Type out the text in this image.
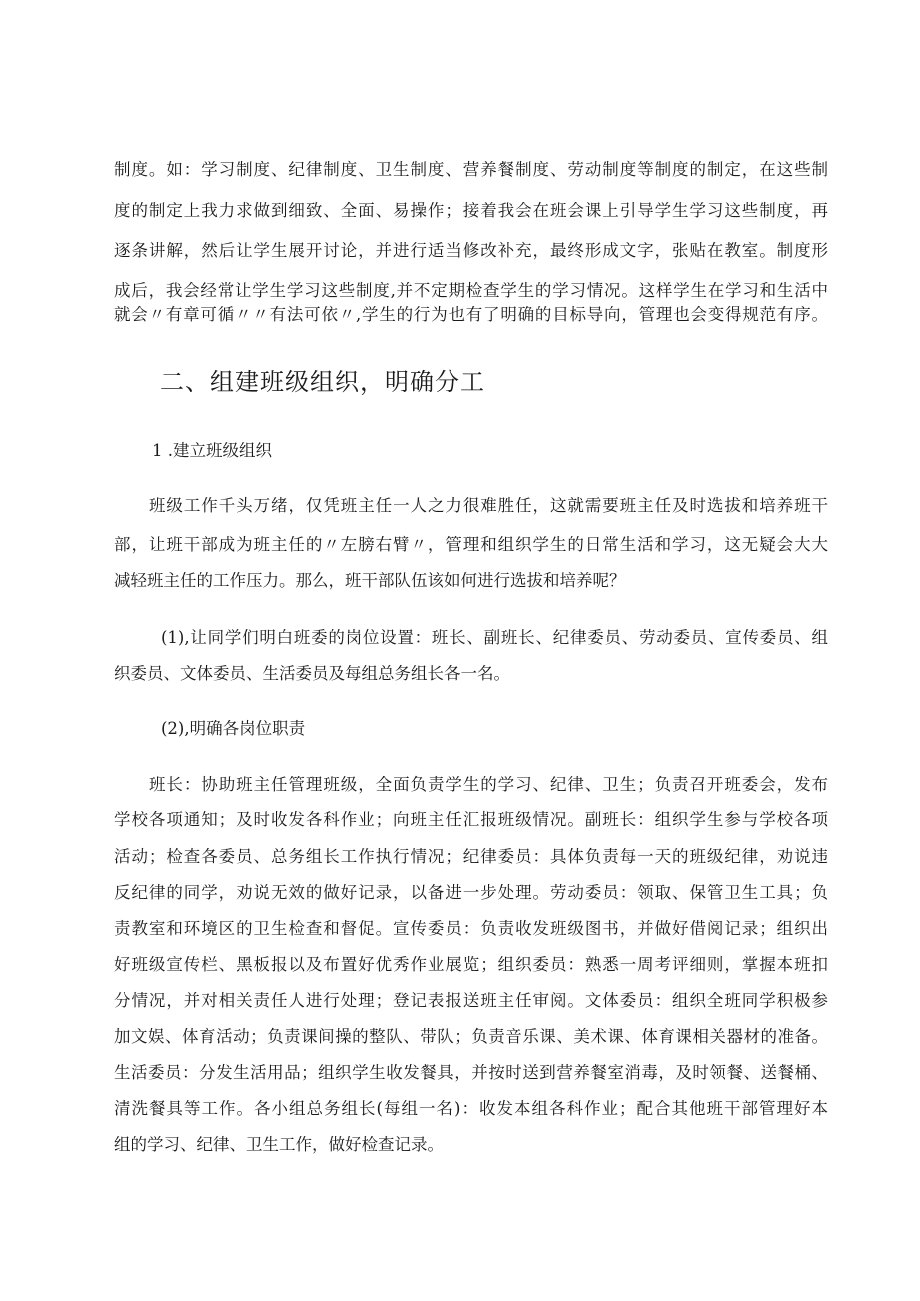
制度。如：学习制度、纪律制度、卫生制度、营养餐制度、劳动制度等制度的制定，在这些制
度的制定上我力求做到细致、全面、易操作；接着我会在班会课上引导学生学习这些制度，再
逐条讲解，然后让学生展开讨论，并进行适当修改补充，最终形成文字，张贴在教室。制度形
成后，我会经常让学生学习这些制度,并不定期检查学生的学习情况。这样学生在学习和生活中
就会〃有章可循〃〃有法可依〃,学生的行为也有了明确的目标导向，管理也会变得规范有序。
二、组建班级组织，明确分工
1 .建立班级组织
班级工作千头万绪，仅凭班主任一人之力很难胜任，这就需要班主任及时选拔和培养班干
部，让班干部成为班主任的〃左膀右臂〃，管理和组织学生的日常生活和学习，这无疑会大大
减轻班主任的工作压力。那么，班干部队伍该如何进行选拔和培养呢？
(1),让同学们明白班委的岗位设置：班长、副班长、纪律委员、劳动委员、宣传委员、组
织委员、文体委员、生活委员及每组总务组长各一名。
(2),明确各岗位职责
班长：协助班主任管理班级，全面负责学生的学习、纪律、卫生；负责召开班委会，发布
学校各项通知；及时收发各科作业；向班主任汇报班级情况。副班长：组织学生参与学校各项
活动；检查各委员、总务组长工作执行情况；纪律委员：具体负责每一天的班级纪律，劝说违
反纪律的同学，劝说无效的做好记录，以备进一步处理。劳动委员：领取、保管卫生工具；负
责教室和环境区的卫生检查和督促。宣传委员：负责收发班级图书，并做好借阅记录；组织出
好班级宣传栏、黑板报以及布置好优秀作业展览；组织委员：熟悉一周考评细则，掌握本班扣
分情况，并对相关责任人进行处理；登记表报送班主任审阅。文体委员：组织全班同学积极参
加文娱、体育活动；负责课间操的整队、带队；负责音乐课、美术课、体育课相关器材的准备。
生活委员：分发生活用品；组织学生收发餐具，并按时送到营养餐室消毒，及时领餐、送餐桶、
清洗餐具等工作。各小组总务组长(每组一名)：收发本组各科作业；配合其他班干部管理好本
组的学习、纪律、卫生工作，做好检查记录。
